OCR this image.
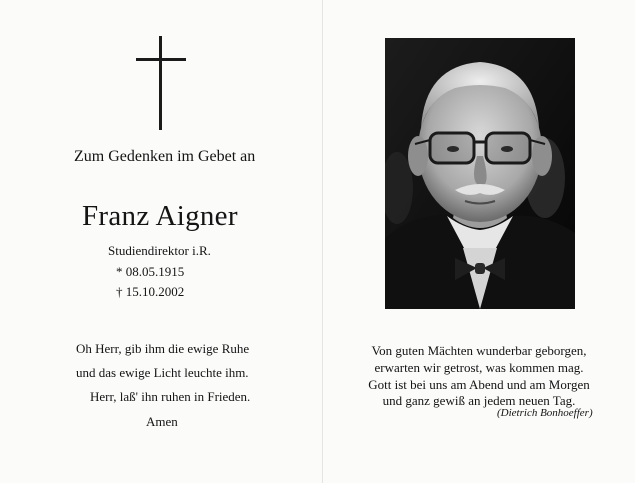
Zum Gedenken im Gebet an
Franz Aigner
Studiendirektor i.R.
* 08.05.1915
† 15.10.2002
Oh Herr, gib ihm die ewige Ruhe
und das ewige Licht leuchte ihm.
Herr, laß' ihn ruhen in Frieden.
Amen
Von guten Mächten wunderbar geborgen,
erwarten wir getrost, was kommen mag.
Gott ist bei uns am Abend und am Morgen
und ganz gewiß an jedem neuen Tag.
(Dietrich Bonhoeffer)
